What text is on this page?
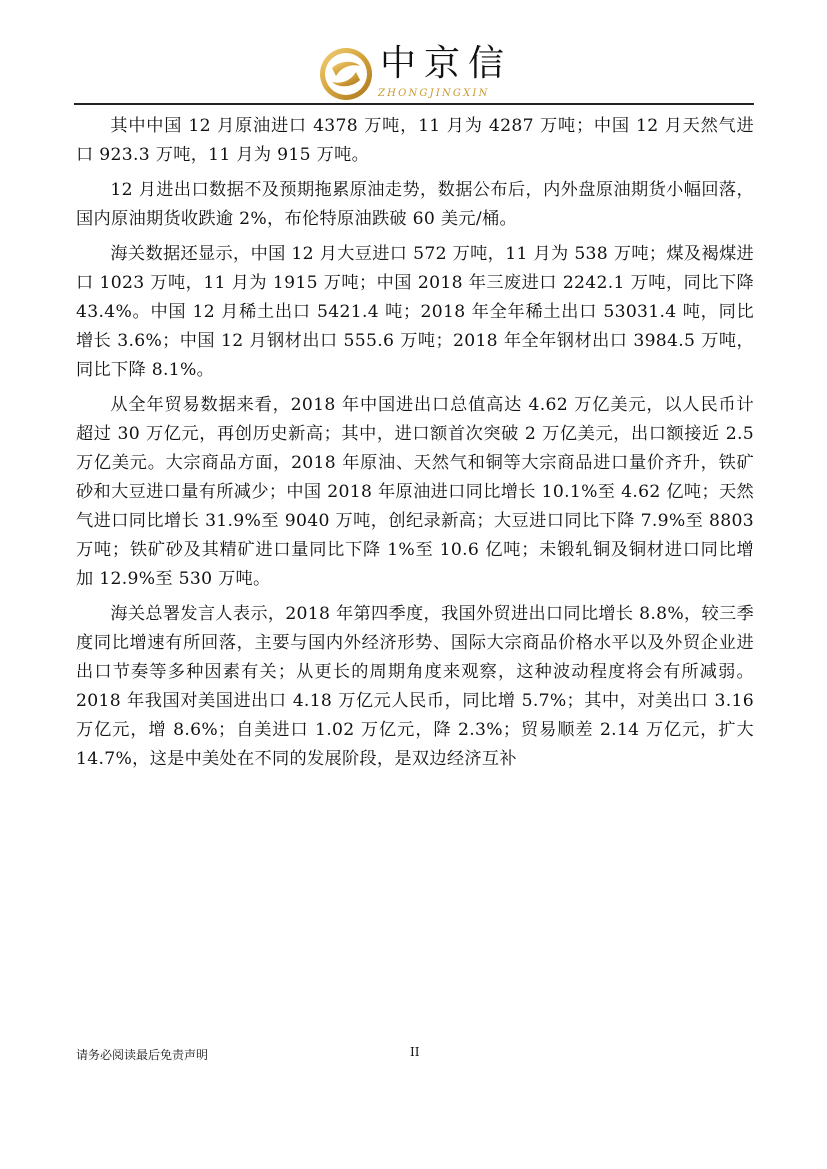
中京信
ZHONGJINGXIN

其中中国 12 月原油进口 4378 万吨，11 月为 4287 万吨；中国 12 月天然气进口 923.3 万吨，11 月为 915 万吨。

12 月进出口数据不及预期拖累原油走势，数据公布后，内外盘原油期货小幅回落，国内原油期货收跌逾 2%，布伦特原油跌破 60 美元/桶。

海关数据还显示，中国 12 月大豆进口 572 万吨，11 月为 538 万吨；煤及褐煤进口 1023 万吨，11 月为 1915 万吨；中国 2018 年三废进口 2242.1 万吨，同比下降 43.4%。中国 12 月稀土出口 5421.4 吨；2018 年全年稀土出口 53031.4 吨，同比增长 3.6%；中国 12 月钢材出口 555.6 万吨；2018 年全年钢材出口 3984.5 万吨，同比下降 8.1%。

从全年贸易数据来看，2018 年中国进出口总值高达 4.62 万亿美元，以人民币计超过 30 万亿元，再创历史新高；其中，进口额首次突破 2 万亿美元，出口额接近 2.5 万亿美元。大宗商品方面，2018 年原油、天然气和铜等大宗商品进口量价齐升，铁矿砂和大豆进口量有所减少；中国 2018 年原油进口同比增长 10.1%至 4.62 亿吨；天然气进口同比增长 31.9%至 9040 万吨，创纪录新高；大豆进口同比下降 7.9%至 8803 万吨；铁矿砂及其精矿进口量同比下降 1%至 10.6 亿吨；未锻轧铜及铜材进口同比增加 12.9%至 530 万吨。

海关总署发言人表示，2018 年第四季度，我国外贸进出口同比增长 8.8%，较三季度同比增速有所回落，主要与国内外经济形势、国际大宗商品价格水平以及外贸企业进出口节奏等多种因素有关；从更长的周期角度来观察，这种波动程度将会有所减弱。2018 年我国对美国进出口 4.18 万亿元人民币，同比增 5.7%；其中，对美出口 3.16 万亿元，增 8.6%；自美进口 1.02 万亿元，降 2.3%；贸易顺差 2.14 万亿元，扩大 14.7%，这是中美处在不同的发展阶段，是双边经济互补

请务必阅读最后免责声明	II
